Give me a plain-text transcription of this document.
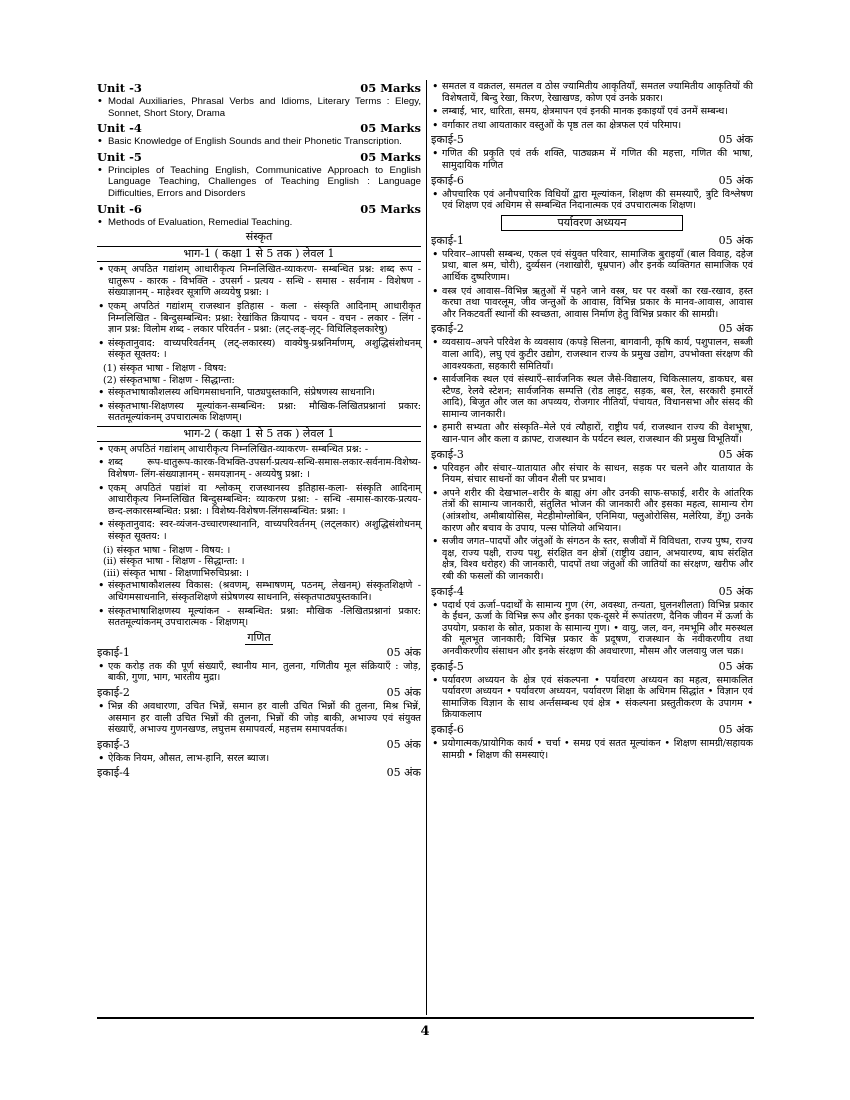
Unit -3	05 Marks
• Modal Auxiliaries, Phrasal Verbs and Idioms, Literary Terms : Elegy, Sonnet, Short Story, Drama
Unit -4	05 Marks
• Basic Knowledge of English Sounds and their Phonetic Transcription.
Unit -5	05 Marks
• Principles of Teaching English, Communicative Approach to English Language Teaching, Challenges of Teaching English : Language Difficulties, Errors and Disorders
Unit -6	05 Marks
• Methods of Evaluation, Remedial Teaching.
संस्कृत
भाग-1 ( कक्षा 1 से 5 तक ) लेवल 1
• एकम् अपठित गद्यांशम् आधारीकृत्य निम्नलिखित-व्याकरण- सम्बन्धित प्रश्न: शब्द रूप - धातुरूप - कारक - विभक्ति - उपसर्ग - प्रत्यय - सन्धि - समास - सर्वनाम - विशेषण - संख्याज्ञानम् - माहेश्वर सूत्राणि अव्ययेषु प्रश्ना: ।
• एकम् अपठितं गद्यांशम् राजस्थान इतिहास - कला - संस्कृति आदिनाम् आधारीकृत निम्नलिखित - बिन्दुसम्बन्धिन: प्रश्ना: रेखांकित क्रियापद - चयन - वचन - लकार - लिंग - ज्ञान प्रश्न: विलोम शब्द - लकार परिवर्तन - प्रश्ना: (लट्-लङ्-लृट्- विधिलिङ्लकारेषु)
• संस्कृतानुवाद: वाच्यपरिवर्तनम् (लट्-लकारस्य) वाक्येषु-प्रश्ननिर्माणम्, अशुद्धिसंशोधनम् संस्कृत सूक्तय: ।
(1) संस्कृत भाषा - शिक्षण - विषय:
(2) संस्कृतभाषा - शिक्षण - सिद्धान्ता:
• संस्कृतभाषाकौशलस्य अधिगमसाधनानि, पाठ्यपुस्तकानि, संप्रेषणस्य साधनानि।
• संस्कृतभाषा-शिक्षणस्य मूल्यांकन-सम्बन्धिन: प्रश्ना: मौखिक-लिखितप्रश्नानां प्रकार: सततमूल्यांकनम् उपचारात्मक शिक्षणम्।
भाग-2 ( कक्षा 1 से 5 तक ) लेवल 1
• एकम् अपठितं गद्यांशम् आधारीकृत्य निम्नलिखित-व्याकरण- सम्बन्धित प्रश्न: -
• शब्द रूप-धातुरूप-कारक-विभक्ति-उपसर्ग-प्रत्यय-सन्धि-समास-लकार-सर्वनाम-विशेष्य-विशेषण- लिंग-संख्याज्ञानम् - समयज्ञानम् - अव्ययेषु प्रश्ना: ।
• एकम् अपठितं पद्यांशं वा श्लोकम् राजस्थानस्य इतिहास-कला- संस्कृति आदिनाम् आधारीकृत्य निम्नलिखित बिन्दुसम्बन्धिन: व्याकरण प्रश्ना: - सन्धि -समास-कारक-प्रत्यय-छन्द-लकारसम्बन्धित: प्रश्ना: । विशेष्य-विशेषण-लिंगसम्बन्धित: प्रश्ना: ।
• संस्कृतानुवाद: स्वर-व्यंजन-उच्चारणस्थानानि, वाच्यपरिवर्तनम् (लट्लकार) अशुद्धिसंशोधनम् संस्कृत सूक्तय: ।
(i) संस्कृत भाषा - शिक्षण - विषय: ।
(ii) संस्कृत भाषा - शिक्षण - सिद्धान्ता: ।
(iii) संस्कृत भाषा - शिक्षणाभिरुचिप्रश्ना: ।
• संस्कृतभाषाकौशलस्य विकास: (श्रवणम्, सम्भाषणम्, पठनम्, लेखनम्) संस्कृतशिक्षणे - अधिगमसाधनानि, संस्कृतशिक्षणे संप्रेषणस्य साधनानि, संस्कृतपाठ्यपुस्तकानि।
• संस्कृतभाषाशिक्षणस्य मूल्यांकन - सम्बन्धित: प्रश्ना: मौखिक -लिखितप्रश्नानां प्रकार: सततमूल्यांकनम् उपचारात्मक - शिक्षणम्।
गणित
इकाई-1	05 अंक
• एक करोड़ तक की पूर्ण संख्याएँ, स्थानीय मान, तुलना, गणितीय मूल संक्रियाएँ : जोड़, बाकी, गुणा, भाग, भारतीय मुद्रा।
इकाई-2	05 अंक
• भिन्न की अवधारणा, उचित भिन्नें, समान हर वाली उचित भिन्नों की तुलना, मिश्र भिन्नें, असमान हर वाली उचित भिन्नों की तुलना, भिन्नों की जोड़ बाकी, अभाज्य एवं संयुक्त संख्याएँ, अभाज्य गुणनखण्ड, लघुत्तम समापवर्त्य, महत्तम समापवर्तक।
इकाई-3	05 अंक
• ऐकिक नियम, औसत, लाभ-हानि, सरल ब्याज।
इकाई-4	05 अंक
• समतल व वक्रतल, समतल व ठोस ज्यामितीय आकृतियाँ, समतल ज्यामितीय आकृतियों की विशेषतायें, बिन्दु रेखा, किरण, रेखाखण्ड, कोण एवं उनके प्रकार।
• लम्बाई, भार, धारिता, समय, क्षेत्रमापन एवं इनकी मानक इकाइयाँ एवं उनमें सम्बन्ध।
• वर्गाकार तथा आयताकार वस्तुओं के पृष्ठ तल का क्षेत्रफल एवं परिमाप।
इकाई-5	05 अंक
• गणित की प्रकृति एवं तर्क शक्ति, पाठ्यक्रम में गणित की महत्ता, गणित की भाषा, सामुदायिक गणित
इकाई-6	05 अंक
• औपचारिक एवं अनौपचारिक विधियों द्वारा मूल्यांकन, शिक्षण की समस्याएँ, त्रुटि विश्लेषण एवं शिक्षण एवं अधिगम से सम्बन्धित निदानात्मक एवं उपचारात्मक शिक्षण।
पर्यावरण अध्ययन
इकाई-1	05 अंक
• परिवार–आपसी सम्बन्ध, एकल एवं संयुक्त परिवार, सामाजिक बुराइयाँ (बाल विवाह, दहेज प्रथा, बाल श्रम, चोरी), दुर्व्यसन (नशाखोरी, धूम्रपान) और इनके व्यक्तिगत सामाजिक एवं आर्थिक दुष्परिणाम।
• वस्त्र एवं आवास–विभिन्न ऋतुओं में पहने जाने वस्त्र, घर पर वस्त्रों का रख-रखाव, हस्त करघा तथा पावरलूम, जीव जन्तुओं के आवास, विभिन्न प्रकार के मानव-आवास, आवास और निकटवर्ती स्थानों की स्वच्छता, आवास निर्माण हेतु विभिन्न प्रकार की सामग्री।
इकाई-2	05 अंक
• व्यवसाय–अपने परिवेश के व्यवसाय (कपड़े सिलना, बागवानी, कृषि कार्य, पशुपालन, सब्जी वाला आदि), लघु एवं कुटीर उद्योग, राजस्थान राज्य के प्रमुख उद्योग, उपभोक्ता संरक्षण की आवश्यकता, सहकारी समितियाँ।
• सार्वजनिक स्थल एवं संस्थाएँ–सार्वजनिक स्थल जैसे-विद्यालय, चिकित्सालय, डाकघर, बस स्टैण्ड, रेलवे स्टेशन; सार्वजनिक सम्पत्ति (रोड लाइट, सड़क, बस, रेल, सरकारी इमारतें आदि), बिजुत और जल का अपव्यय, रोजगार नीतियाँ, पंचायत, विधानसभा और संसद की सामान्य जानकारी।
• हमारी सभ्यता और संस्कृति–मेले एवं त्यौहारों, राष्ट्रीय पर्व, राजस्थान राज्य की वेशभूषा, खान-पान और कला व क्राफ्ट, राजस्थान के पर्यटन स्थल, राजस्थान की प्रमुख विभूतियाँ।
इकाई-3	05 अंक
• परिवहन और संचार–यातायात और संचार के साधन, सड़क पर चलने और यातायात के नियम, संचार साधनों का जीवन शैली पर प्रभाव।
• अपने शरीर की देखभाल–शरीर के बाह्य अंग और उनकी साफ-सफाई, शरीर के आंतरिक तंत्रों की सामान्य जानकारी, संतुलित भोजन की जानकारी और इसका महत्व, सामान्य रोग (आंत्रशोथ, अमीबायोसिस, मेटहीमोग्लोबिन, एनिमिया, फ्लुओरोसिस, मलेरिया, डेंगू) उनके कारण और बचाव के उपाय, पल्स पोलियो अभियान।
• सजीव जगत–पादपों और जंतुओं के संगठन के स्तर, सजीवों में विविधता, राज्य पुष्प, राज्य वृक्ष, राज्य पक्षी, राज्य पशु, संरक्षित वन क्षेत्रों (राष्ट्रीय उद्यान, अभयारण्य, बाघ संरक्षित क्षेत्र, विश्व धरोहर) की जानकारी, पादपों तथा जंतुओं की जातियों का संरक्षण, खरीफ और रबी की फसलों की जानकारी।
इकाई-4	05 अंक
• पदार्थ एवं ऊर्जा–पदार्थों के सामान्य गुण (रंग, अवस्था, तन्यता, घुलनशीलता) विभिन्न प्रकार के ईंधन, ऊर्जा के विभिन्न रूप और इनका एक-दूसरे में रूपांतरण, दैनिक जीवन में ऊर्जा के उपयोग, प्रकाश के स्रोत, प्रकाश के सामान्य गुण। • वायु, जल, वन, नमभूमि और मरुस्थल की मूलभूत जानकारी; विभिन्न प्रकार के प्रदूषण, राजस्थान के नवीकरणीय तथा अनवीकरणीय संसाधन और इनके संरक्षण की अवधारणा, मौसम और जलवायु जल चक्र।
इकाई-5	05 अंक
• पर्यावरण अध्ययन के क्षेत्र एवं संकल्पना • पर्यावरण अध्ययन का महत्व, समाकलित पर्यावरण अध्ययन • पर्यावरण अध्ययन, पर्यावरण शिक्षा के अधिगम सिद्धांत • विज्ञान एवं सामाजिक विज्ञान के साथ अर्न्तसम्बन्ध एवं क्षेत्र • संकल्पना प्रस्तुतीकरण के उपागम • क्रियाकलाप
इकाई-6	05 अंक
• प्रयोगात्मक/प्रायोगिक कार्य • चर्चा • समग्र एवं सतत मूल्यांकन • शिक्षण सामग्री/सहायक सामग्री • शिक्षण की समस्याएं।
4
